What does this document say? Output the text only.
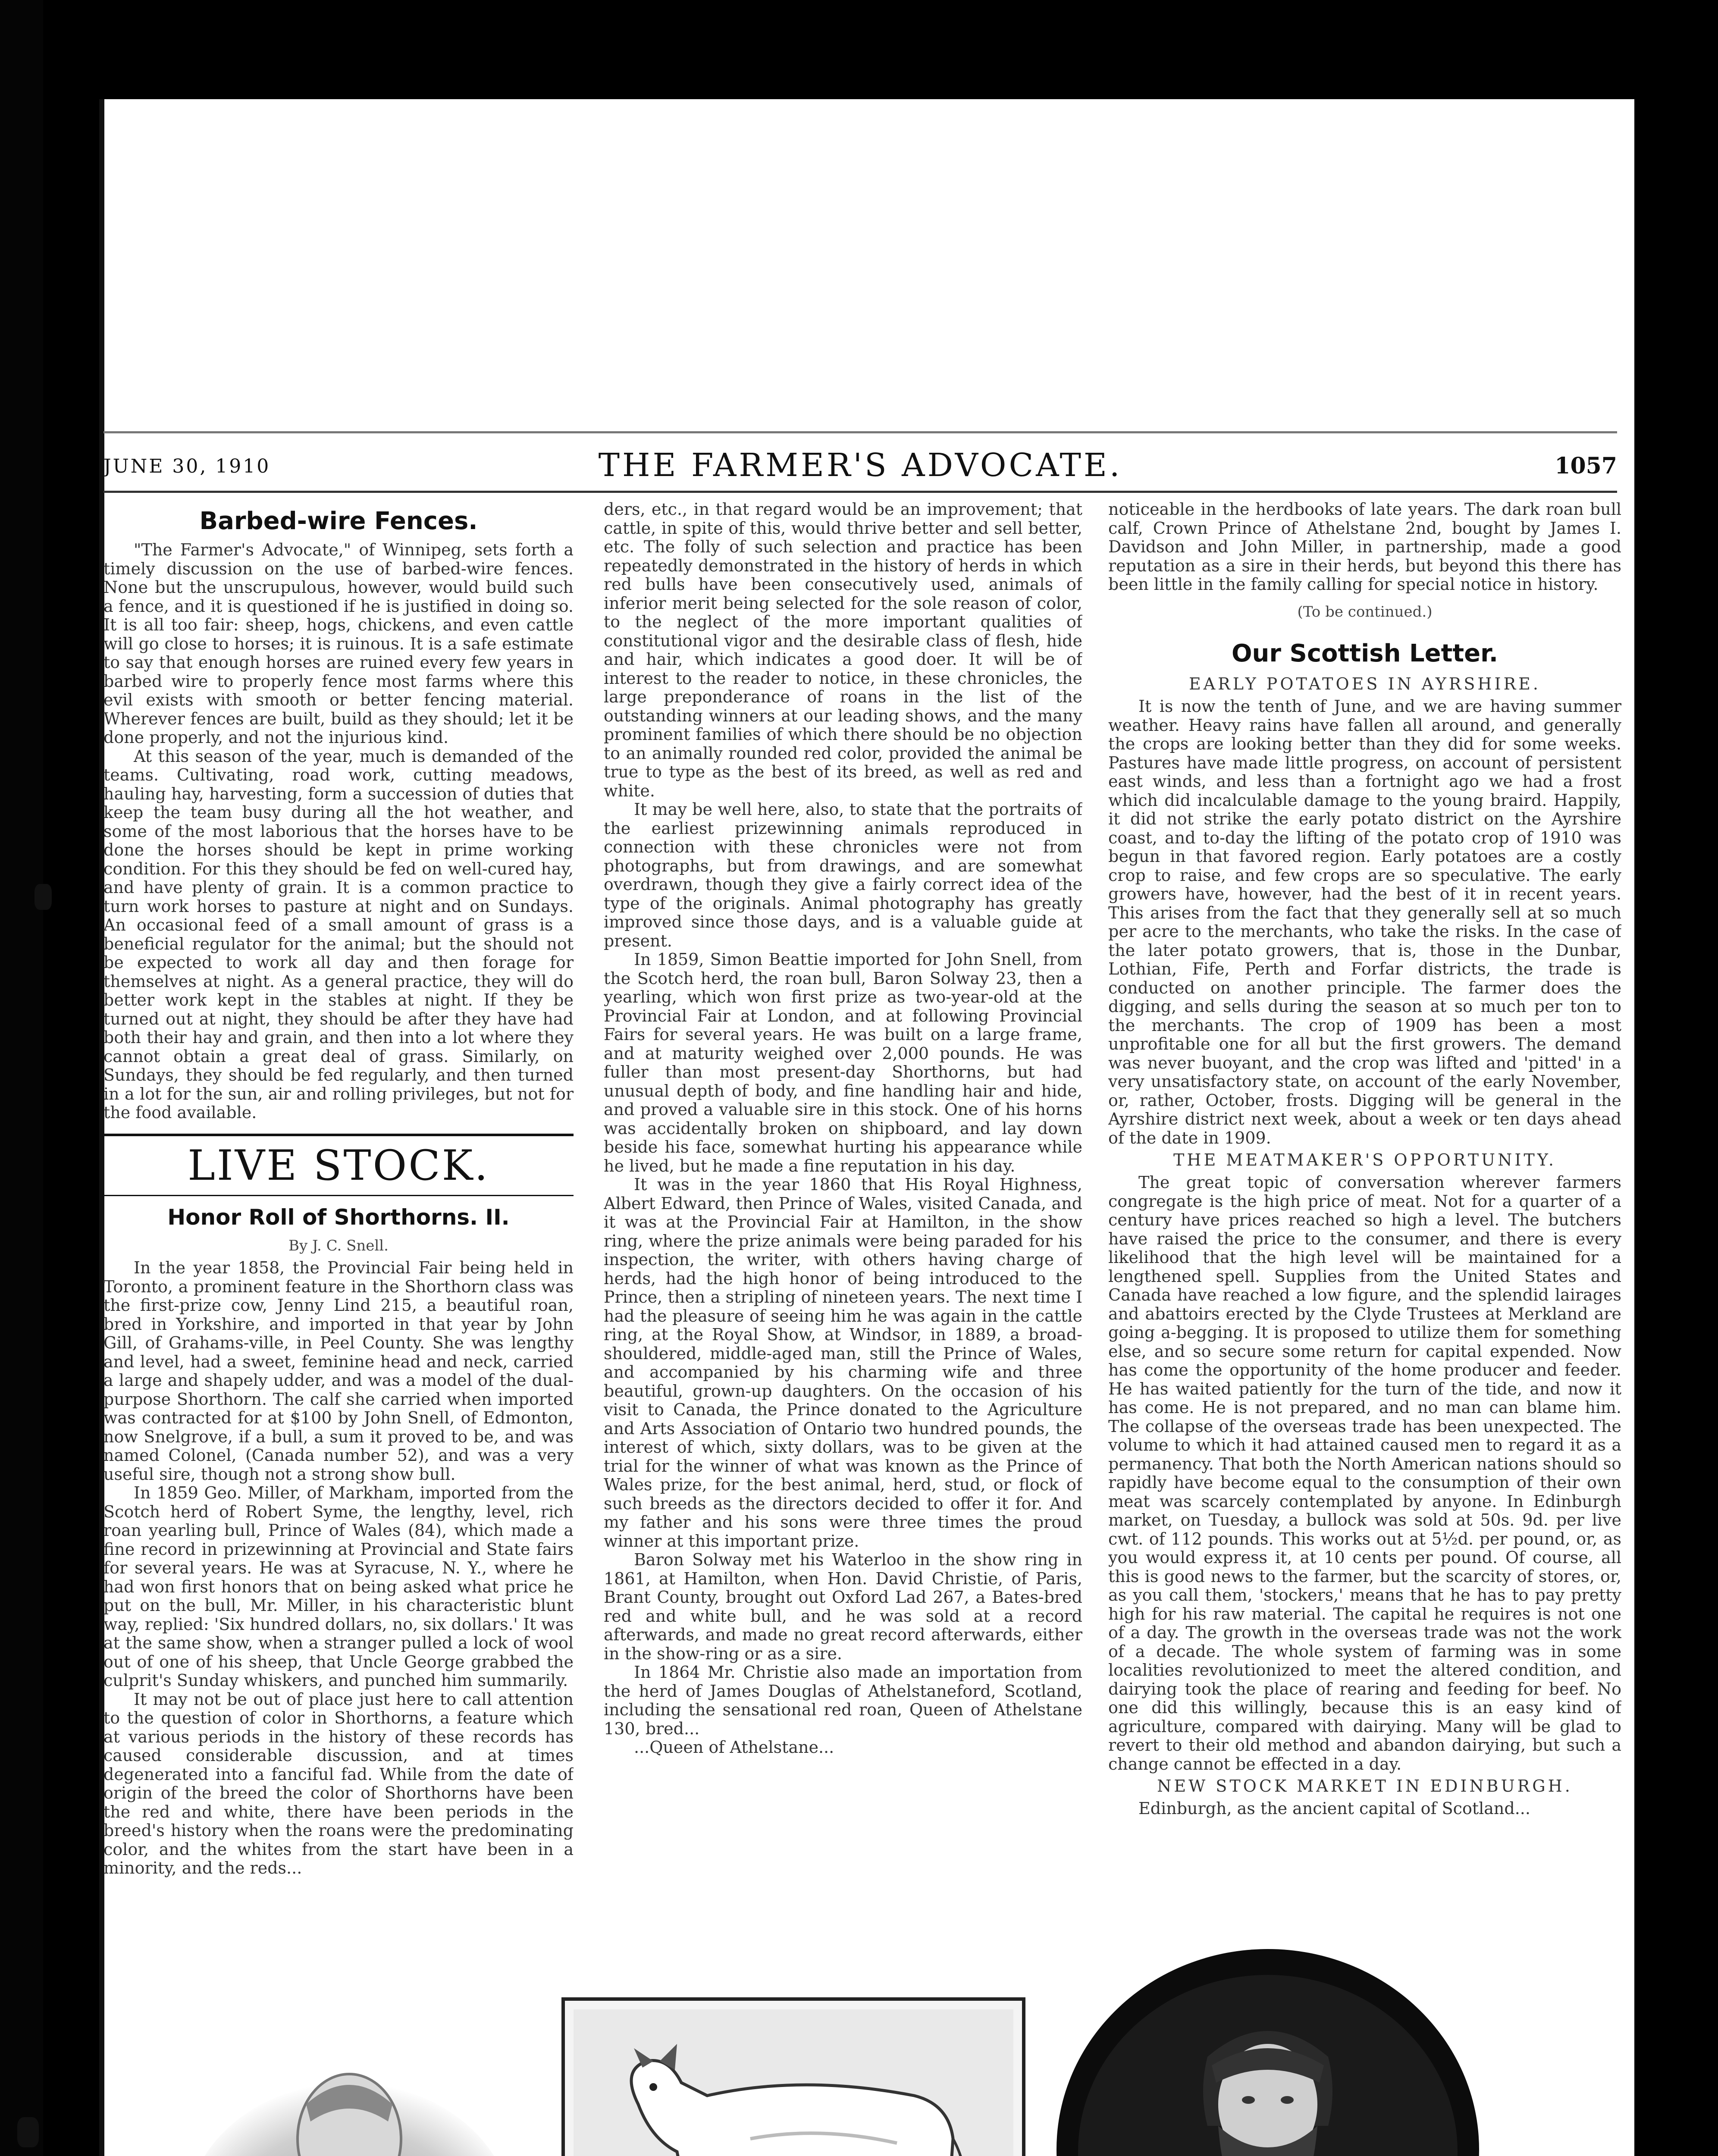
JUNE 30, 1910	THE FARMER'S ADVOCATE.	1057
Barbed-wire Fences.

"The Farmer's Advocate," of Winnipeg, sets forth a timely discussion on the use of barbed-wire fences. None but the unscrupulous, however, would build such a fence, and it is questioned if he is justified in doing so. It is all too fair: sheep, hogs, chickens, and even cattle will go close to horses; it is ruinous. It is a safe estimate to say that enough horses are ruined every few years in barbed wire to properly fence most farms where this evil exists with smooth or better fencing material. Wherever fences are built, build as they should; let it be done properly, and not the injurious kind.

At this season of the year, much is demanded of the teams. Cultivating, road work, cutting meadows, hauling hay, harvesting, form a succession of duties that keep the team busy during all the hot weather, and some of the most laborious that the horses have to be done the horses should be kept in prime working condition. For this they should be fed on well-cured hay, and have plenty of grain. It is a common practice to turn work horses to pasture at night and on Sundays. An occasional feed of a small amount of grass is a beneficial regulator for the animal; but the should not be expected to work all day and then forage for themselves at night. As a general practice, they will do better work kept in the stables at night. If they be turned out at night, they should be after they have had both their hay and grain, and then into a lot where they cannot obtain a great deal of grass. Similarly, on Sundays, they should be fed regularly, and then turned in a lot for the sun, air and rolling privileges, but not for the food available.

LIVE STOCK.
Honor Roll of Shorthorns. II.
By J. C. Snell.

In the year 1858, the Provincial Fair being held in Toronto, a prominent feature in the Shorthorn class was the first-prize cow, Jenny Lind 215, a beautiful roan, bred in Yorkshire, and imported in that year by John Gill, of Grahams-ville, in Peel County. She was lengthy and level, had a sweet, feminine head and neck, carried a large and shapely udder, and was a model of the dual-purpose Shorthorn. The calf she carried when imported was contracted for at $100 by John Snell, of Edmonton, now Snelgrove, if a bull, a sum it proved to be, and was named Colonel, (Canada number 52), and was a very useful sire, though not a strong show bull.

In 1859 Geo. Miller, of Markham, imported from the Scotch herd of Robert Syme, the lengthy, level, rich roan yearling bull, Prince of Wales (84), which made a fine record in prizewinning at Provincial and State fairs for several years. He was at Syracuse, N. Y., where he had won first honors that on being asked what price he put on the bull, Mr. Miller, in his characteristic blunt way, replied: 'Six hundred dollars, no, six dollars.' It was at the same show, when a stranger pulled a lock of wool out of one of his sheep, that Uncle George grabbed the culprit's Sunday whiskers, and punched him summarily.

It may not be out of place just here to call attention to the question of color in Shorthorns, a feature which at various periods in the history of these records has caused considerable discussion, and at times degenerated into a fanciful fad. While from the date of origin of the breed the color of Shorthorns have been the red and white, there have been periods in the breed's history when the roans were the predominating color, and the whites from the start have been in a minority, and the reds...

ders, etc., in that regard would be an improvement; that cattle, in spite of this, would thrive better and sell better, etc. The folly of such selection and practice has been repeatedly demonstrated in the history of herds in which red bulls have been consecutively used, animals of inferior merit being selected for the sole reason of color, to the neglect of the more important qualities of constitutional vigor and the desirable class of flesh, hide and hair, which indicates a good doer. It will be of interest to the reader to notice, in these chronicles, the large preponderance of roans in the list of the outstanding winners at our leading shows, and the many prominent families of which there should be no objection to an animally rounded red color, provided the animal be true to type as the best of its breed, as well as red and white.

It may be well here, also, to state that the portraits of the earliest prizewinning animals reproduced in connection with these chronicles were not from photographs, but from drawings, and are somewhat overdrawn, though they give a fairly correct idea of the type of the originals. Animal photography has greatly improved since those days, and is a valuable guide at present.

In 1859, Simon Beattie imported for John Snell, from the Scotch herd, the roan bull, Baron Solway 23, then a yearling, which won first prize as two-year-old at the Provincial Fair at London, and at following Provincial Fairs for several years. He was built on a large frame, and at maturity weighed over 2,000 pounds. He was fuller than most present-day Shorthorns, but had unusual depth of body, and fine handling hair and hide, and proved a valuable sire in this stock. One of his horns was accidentally broken on shipboard, and lay down beside his face, somewhat hurting his appearance while he lived, but he made a fine reputation in his day.

It was in the year 1860 that His Royal Highness, Albert Edward, then Prince of Wales, visited Canada, and it was at the Provincial Fair at Hamilton, in the show ring, where the prize animals were being paraded for his inspection, the writer, with others having charge of herds, had the high honor of being introduced to the Prince, then a stripling of nineteen years. The next time I had the pleasure of seeing him he was again in the cattle ring, at the Royal Show, at Windsor, in 1889, a broad-shouldered, middle-aged man, still the Prince of Wales, and accompanied by his charming wife and three beautiful, grown-up daughters. On the occasion of his visit to Canada, the Prince donated to the Agriculture and Arts Association of Ontario two hundred pounds, the interest of which, sixty dollars, was to be given at the trial for the winner of what was known as the Prince of Wales prize, for the best animal, herd, stud, or flock of such breeds as the directors decided to offer it for. And my father and his sons were three times the proud winner at this important prize.

Baron Solway met his Waterloo in the show ring in 1861, at Hamilton, when Hon. David Christie, of Paris, Brant County, brought out Oxford Lad 267, a Bates-bred red and white bull, and he was sold at a record afterwards, and made no great record afterwards, either in the show-ring or as a sire.

In 1864 Mr. Christie also made an importation from the herd of James Douglas of Athelstaneford, Scotland, including the sensational red roan, Queen of Athelstane 130, bred...

...Queen of Athelstane...

noticeable in the herdbooks of late years. The dark roan bull calf, Crown Prince of Athelstane 2nd, bought by James I. Davidson and John Miller, in partnership, made a good reputation as a sire in their herds, but beyond this there has been little in the family calling for special notice in history.

(To be continued.)
Our Scottish Letter.
EARLY POTATOES IN AYRSHIRE.

It is now the tenth of June, and we are having summer weather. Heavy rains have fallen all around, and generally the crops are looking better than they did for some weeks. Pastures have made little progress, on account of persistent east winds, and less than a fortnight ago we had a frost which did incalculable damage to the young braird. Happily, it did not strike the early potato district on the Ayrshire coast, and to-day the lifting of the potato crop of 1910 was begun in that favored region. Early potatoes are a costly crop to raise, and few crops are so speculative. The early growers have, however, had the best of it in recent years. This arises from the fact that they generally sell at so much per acre to the merchants, who take the risks. In the case of the later potato growers, that is, those in the Dunbar, Lothian, Fife, Perth and Forfar districts, the trade is conducted on another principle. The farmer does the digging, and sells during the season at so much per ton to the merchants. The crop of 1909 has been a most unprofitable one for all but the first growers. The demand was never buoyant, and the crop was lifted and 'pitted' in a very unsatisfactory state, on account of the early November, or, rather, October, frosts. Digging will be general in the Ayrshire district next week, about a week or ten days ahead of the date in 1909.

THE MEATMAKER'S OPPORTUNITY.

The great topic of conversation wherever farmers congregate is the high price of meat. Not for a quarter of a century have prices reached so high a level. The butchers have raised the price to the consumer, and there is every likelihood that the high level will be maintained for a lengthened spell. Supplies from the United States and Canada have reached a low figure, and the splendid lairages and abattoirs erected by the Clyde Trustees at Merkland are going a-begging. It is proposed to utilize them for something else, and so secure some return for capital expended. Now has come the opportunity of the home producer and feeder. He has waited patiently for the turn of the tide, and now it has come. He is not prepared, and no man can blame him. The collapse of the overseas trade has been unexpected. The volume to which it had attained caused men to regard it as a permanency. That both the North American nations should so rapidly have become equal to the consumption of their own meat was scarcely contemplated by anyone. In Edinburgh market, on Tuesday, a bullock was sold at 50s. 9d. per live cwt. of 112 pounds. This works out at 5½d. per pound, or, as you would express it, at 10 cents per pound. Of course, all this is good news to the farmer, but the scarcity of stores, or, as you call them, 'stockers,' means that he has to pay pretty high for his raw material. The capital he requires is not one of a day. The growth in the overseas trade was not the work of a decade. The whole system of farming was in some localities revolutionized to meet the altered condition, and dairying took the place of rearing and feeding for beef. No one did this willingly, because this is an easy kind of agriculture, compared with dairying. Many will be glad to revert to their old method and abandon dairying, but such a change cannot be effected in a day.

NEW STOCK MARKET IN EDINBURGH.

Edinburgh, as the ancient capital of Scotland...
